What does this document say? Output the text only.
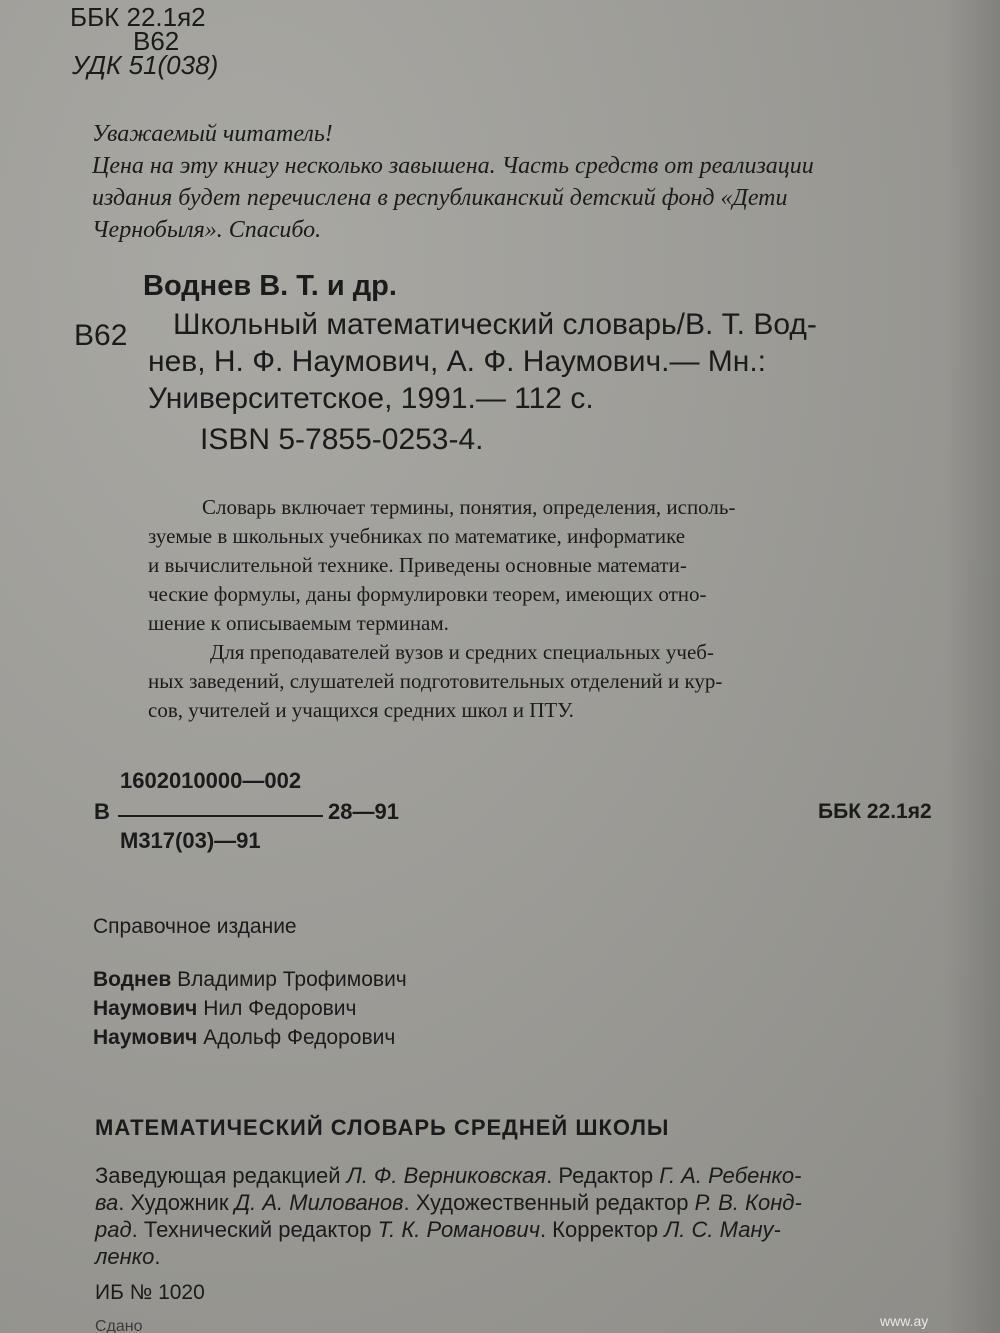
ББК 22.1я2
В62
УДК 51(038)
Уважаемый читатель!
Цена на эту книгу несколько завышена. Часть средств от реализации
издания будет перечислена в республиканский детский фонд «Дети
Чернобыля». Спасибо.
Воднев В. Т. и др.
В62	Школьный математический словарь/В. Т. Вод-
нев, Н. Ф. Наумович, А. Ф. Наумович.— Мн.:
Университетское, 1991.— 112 с.
ISBN 5-7855-0253-4.
Словарь включает термины, понятия, определения, исполь-
зуемые в школьных учебниках по математике, информатике
и вычислительной технике. Приведены основные математи-
ческие формулы, даны формулировки теорем, имеющих отно-
шение к описываемым терминам.
Для преподавателей вузов и средних специальных учеб-
ных заведений, слушателей подготовительных отделений и кур-
сов, учителей и учащихся средних школ и ПТУ.
1602010000—002
В	28—91
М317(03)—91
ББК 22.1я2
Справочное издание
Воднев Владимир Трофимович
Наумович Нил Федорович
Наумович Адольф Федорович
МАТЕМАТИЧЕСКИЙ СЛОВАРЬ СРЕДНЕЙ ШКОЛЫ
Заведующая редакцией Л. Ф. Верниковская. Редактор Г. А. Ребенко-
ва. Художник Д. А. Милованов. Художественный редактор Р. В. Конд-
рад. Технический редактор Т. К. Романович. Корректор Л. С. Ману-
ленко.
ИБ № 1020
Сдано	www.ay
